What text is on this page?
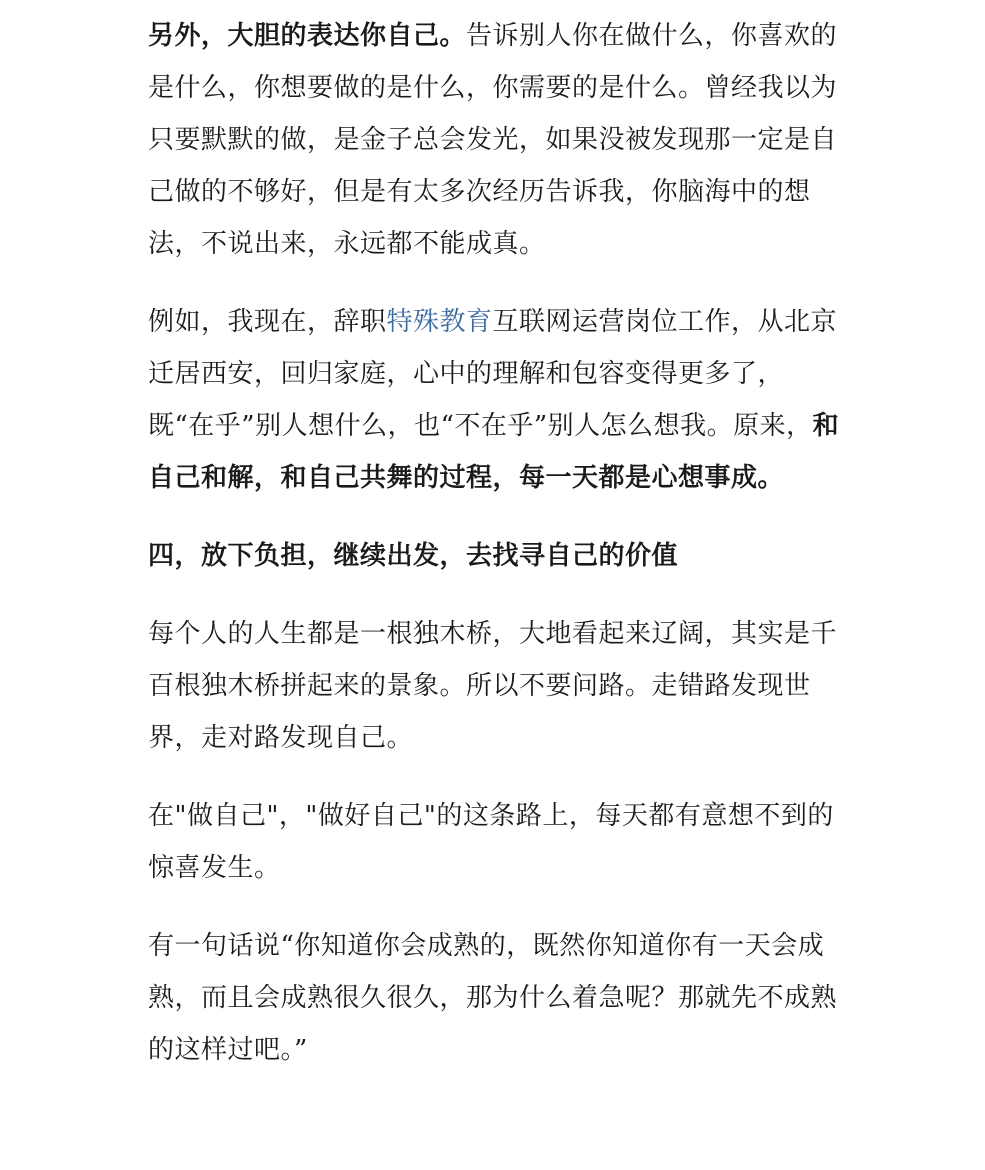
另外，大胆的表达你自己。告诉别人你在做什么，你喜欢的是什么，你想要做的是什么，你需要的是什么。曾经我以为只要默默的做，是金子总会发光，如果没被发现那一定是自己做的不够好，但是有太多次经历告诉我，你脑海中的想法，不说出来，永远都不能成真。

例如，我现在，辞职特殊教育互联网运营岗位工作，从北京迁居西安，回归家庭，心中的理解和包容变得更多了，既“在乎”别人想什么，也“不在乎”别人怎么想我。原来，和自己和解，和自己共舞的过程，每一天都是心想事成。

四，放下负担，继续出发，去找寻自己的价值

每个人的人生都是一根独木桥，大地看起来辽阔，其实是千百根独木桥拼起来的景象。所以不要问路。走错路发现世界，走对路发现自己。

在"做自己"，"做好自己"的这条路上，每天都有意想不到的惊喜发生。

有一句话说“你知道你会成熟的，既然你知道你有一天会成熟，而且会成熟很久很久，那为什么着急呢？那就先不成熟的这样过吧。”
